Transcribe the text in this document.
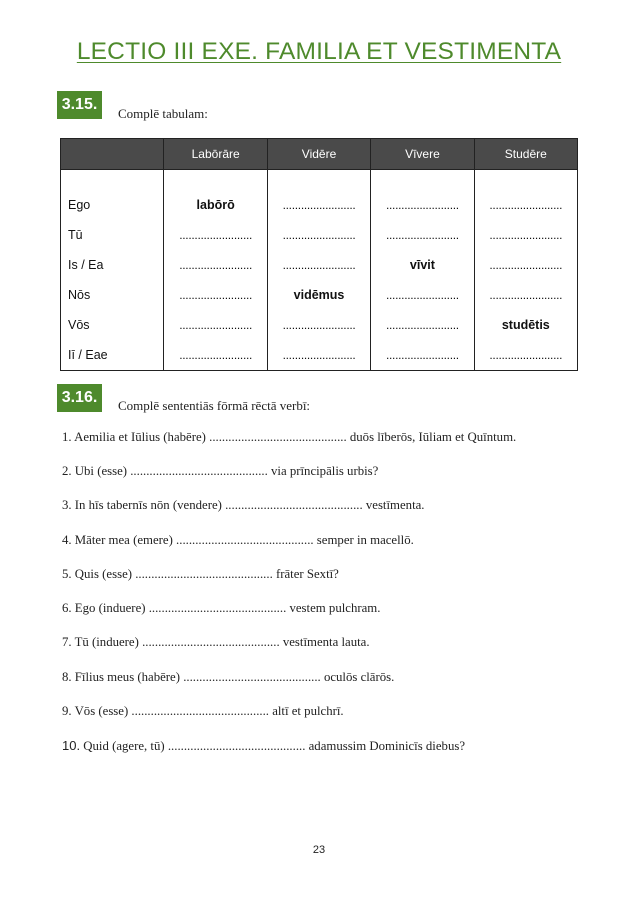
LECTIO III EXE. FAMILIA ET VESTIMENTA
3.15.
Complē tabulam:
	Labōrāre	Vidēre	Vīvere	Studēre
Ego	labōrō	........................	........................	........................
Tū	........................	........................	........................	........................
Is / Ea	........................	........................	vīvit	........................
Nōs	........................	vidēmus	........................	........................
Vōs	........................	........................	........................	studētis
Iī / Eae	........................	........................	........................	........................
3.16.	Complē sententiās fōrmā rēctā verbī:
1. Aemilia et Iūlius (habēre) ........................................... duōs līberōs, Iūliam et Quīntum.
2. Ubi (esse) ........................................... via prīncipālis urbis?
3. In hīs tabernīs nōn (vendere) ........................................... vestīmenta.
4. Māter mea (emere) ........................................... semper in macellō.
5. Quis (esse) ........................................... frāter Sextī?
6. Ego (induere) ........................................... vestem pulchram.
7. Tū (induere) ........................................... vestīmenta lauta.
8. Fīlius meus (habēre) ........................................... oculōs clārōs.
9. Vōs (esse) ........................................... altī et pulchrī.
10. Quid (agere, tū) ........................................... adamussim Dominicīs diebus?
23
